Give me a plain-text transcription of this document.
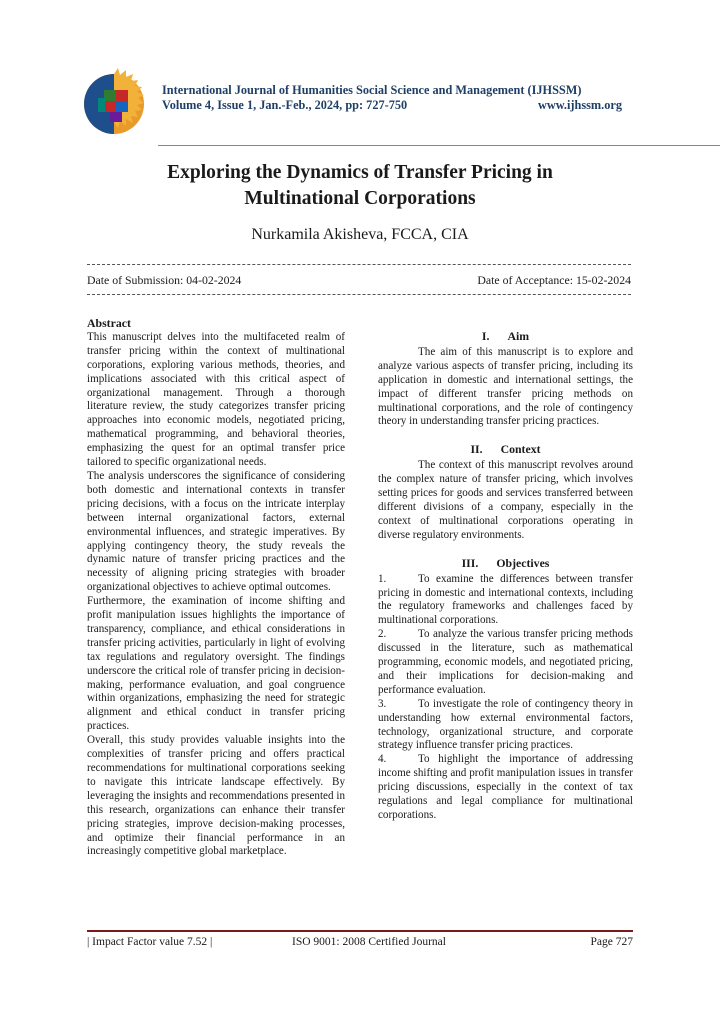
International Journal of Humanities Social Science and Management (IJHSSM)
Volume 4, Issue 1, Jan.-Feb., 2024, pp: 727-750	www.ijhssm.org
Exploring the Dynamics of Transfer Pricing in
Multinational Corporations
Nurkamila Akisheva, FCCA, CIA
Date of Submission: 04-02-2024	Date of Acceptance: 15-02-2024

Abstract

This manuscript delves into the multifaceted realm of transfer pricing within the context of multinational corporations, exploring various methods, theories, and implications associated with this critical aspect of organizational management. Through a thorough literature review, the study categorizes transfer pricing approaches into economic models, negotiated pricing, mathematical programming, and behavioral theories, emphasizing the quest for an optimal transfer price tailored to specific organizational needs.

The analysis underscores the significance of considering both domestic and international contexts in transfer pricing decisions, with a focus on the intricate interplay between internal organizational factors, external environmental influences, and strategic imperatives. By applying contingency theory, the study reveals the dynamic nature of transfer pricing practices and the necessity of aligning pricing strategies with broader organizational objectives to achieve optimal outcomes.

Furthermore, the examination of income shifting and profit manipulation issues highlights the importance of transparency, compliance, and ethical considerations in transfer pricing activities, particularly in light of evolving tax regulations and regulatory oversight. The findings underscore the critical role of transfer pricing in decision-making, performance evaluation, and goal congruence within organizations, emphasizing the need for strategic alignment and ethical conduct in transfer pricing practices.

Overall, this study provides valuable insights into the complexities of transfer pricing and offers practical recommendations for multinational corporations seeking to navigate this intricate landscape effectively. By leveraging the insights and recommendations presented in this research, organizations can enhance their transfer pricing strategies, improve decision-making processes, and optimize their financial performance in an increasingly competitive global marketplace.

I. Aim

The aim of this manuscript is to explore and analyze various aspects of transfer pricing, including its application in domestic and international settings, the impact of different transfer pricing methods on multinational corporations, and the role of contingency theory in understanding transfer pricing practices.

II. Context

The context of this manuscript revolves around the complex nature of transfer pricing, which involves setting prices for goods and services transferred between different divisions of a company, especially in the context of multinational corporations operating in diverse regulatory environments.

III. Objectives

1.	To examine the differences between transfer pricing in domestic and international contexts, including the regulatory frameworks and challenges faced by multinational corporations.

2.	To analyze the various transfer pricing methods discussed in the literature, such as mathematical programming, economic models, and negotiated pricing, and their implications for decision-making and performance evaluation.

3.	To investigate the role of contingency theory in understanding how external environmental factors, technology, organizational structure, and corporate strategy influence transfer pricing practices.

4.	To highlight the importance of addressing income shifting and profit manipulation issues in transfer pricing discussions, especially in the context of tax regulations and legal compliance for multinational corporations.

| Impact Factor value 7.52 |	ISO 9001: 2008 Certified Journal	Page 727
